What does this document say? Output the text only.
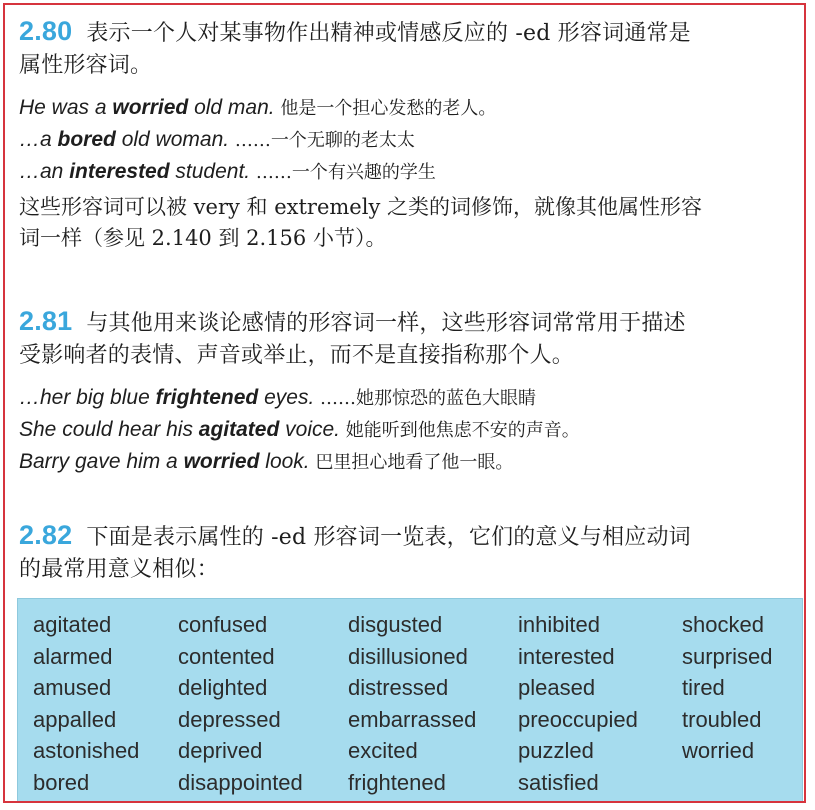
2.80 表示一个人对某事物作出精神或情感反应的 -ed 形容词通常是
属性形容词。
He was a worried old man. 他是一个担心发愁的老人。
…a bored old woman. ……一个无聊的老太太
…an interested student. ……一个有兴趣的学生
这些形容词可以被 very 和 extremely 之类的词修饰，就像其他属性形容
词一样（参见 2.140 到 2.156 小节）。
2.81 与其他用来谈论感情的形容词一样，这些形容词常常用于描述
受影响者的表情、声音或举止，而不是直接指称那个人。
…her big blue frightened eyes. ……她那惊恐的蓝色大眼睛
She could hear his agitated voice. 她能听到他焦虑不安的声音。
Barry gave him a worried look. 巴里担心地看了他一眼。
2.82 下面是表示属性的 -ed 形容词一览表，它们的意义与相应动词
的最常用意义相似：
agitated
alarmed
amused
appalled
astonished
bored
confused
contented
delighted
depressed
deprived
disappointed
disgusted
disillusioned
distressed
embarrassed
excited
frightened
inhibited
interested
pleased
preoccupied
puzzled
satisfied
shocked
surprised
tired
troubled
worried
